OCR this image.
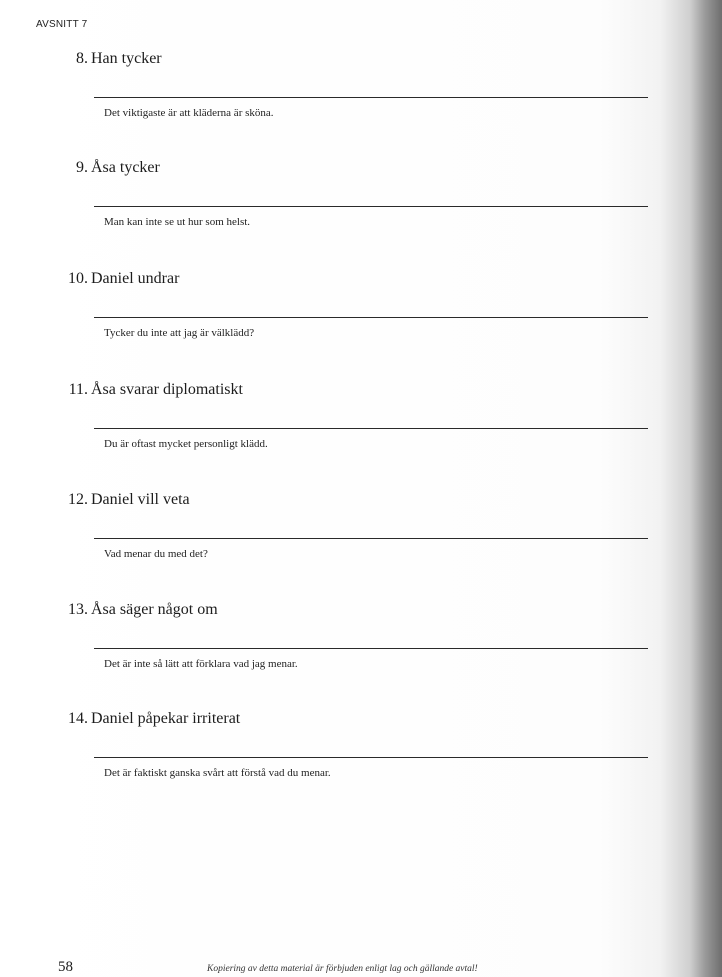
AVSNITT 7
8. Han tycker
Det viktigaste är att kläderna är sköna.
9. Åsa tycker
Man kan inte se ut hur som helst.
10. Daniel undrar
Tycker du inte att jag är välklädd?
11. Åsa svarar diplomatiskt
Du är oftast mycket personligt klädd.
12. Daniel vill veta
Vad menar du med det?
13. Åsa säger något om
Det är inte så lätt att förklara vad jag menar.
14. Daniel påpekar irriterat
Det är faktiskt ganska svårt att förstå vad du menar.
58	Kopiering av detta material är förbjuden enligt lag och gällande avtal!
